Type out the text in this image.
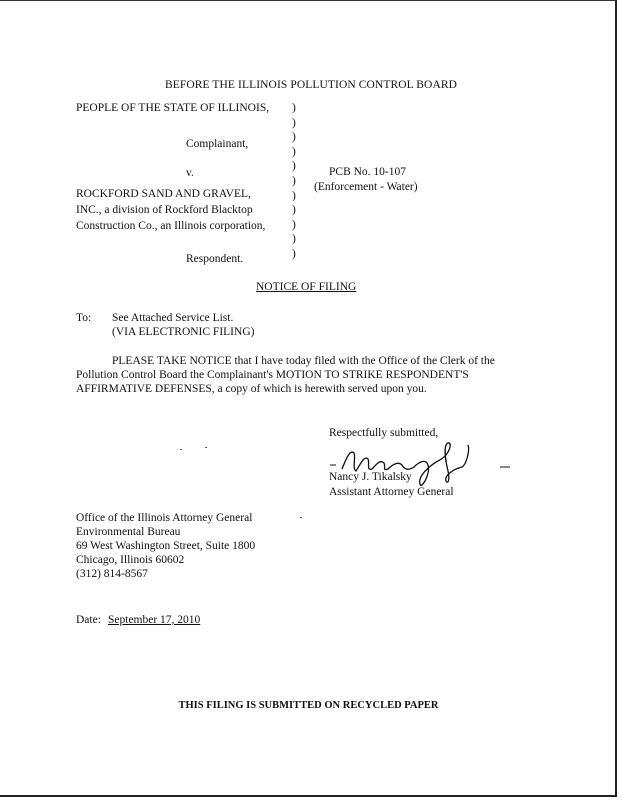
BEFORE THE ILLINOIS POLLUTION CONTROL BOARD
PEOPLE OF THE STATE OF ILLINOIS,
Complainant,
v.
ROCKFORD SAND AND GRAVEL,
INC., a division of Rockford Blacktop
Construction Co., an Illinois corporation,
Respondent.
)
)
)
)
)
)
)
)
)
)
)
PCB No. 10-107
(Enforcement - Water)
NOTICE OF FILING
To: See Attached Service List.
(VIA ELECTRONIC FILING)
PLEASE TAKE NOTICE that I have today filed with the Office of the Clerk of the
Pollution Control Board the Complainant's MOTION TO STRIKE RESPONDENT'S
AFFIRMATIVE DEFENSES, a copy of which is herewith served upon you.
Respectfully submitted,
Nancy J. Tikalsky
Assistant Attorney General
Office of the Illinois Attorney General
Environmental Bureau
69 West Washington Street, Suite 1800
Chicago, Illinois 60602
(312) 814-8567
Date: September 17, 2010
THIS FILING IS SUBMITTED ON RECYCLED PAPER
